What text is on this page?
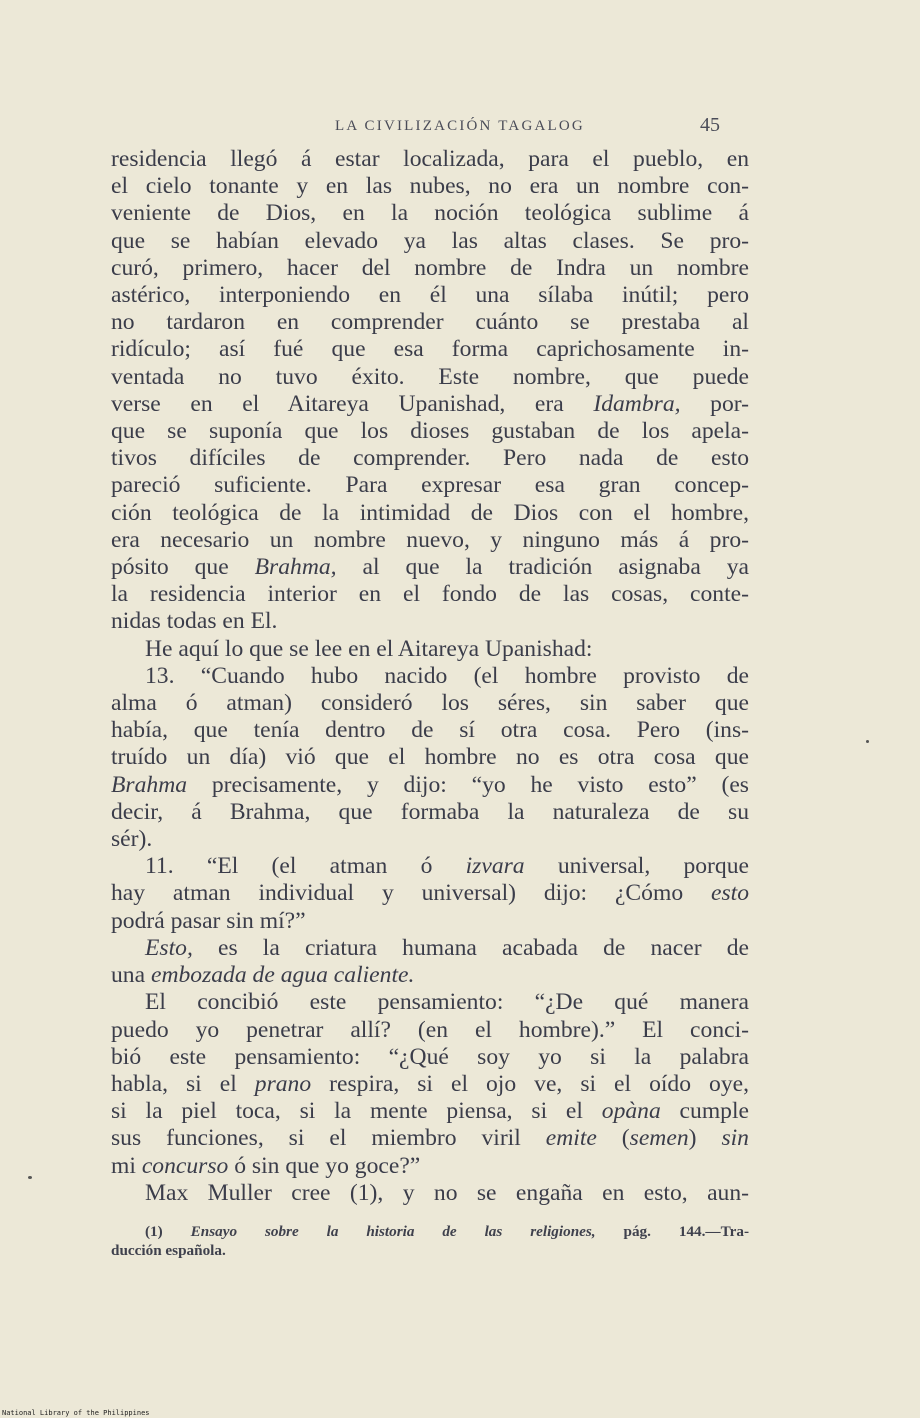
LA CIVILIZACIÓN TAGALOG	45
residencia llegó á estar localizada, para el pueblo, en
el cielo tonante y en las nubes, no era un nombre con-
veniente de Dios, en la noción teológica sublime á
que se habían elevado ya las altas clases. Se pro-
curó, primero, hacer del nombre de Indra un nombre
astérico, interponiendo en él una sílaba inútil; pero
no tardaron en comprender cuánto se prestaba al
ridículo; así fué que esa forma caprichosamente in-
ventada no tuvo éxito. Este nombre, que puede
verse en el Aitareya Upanishad, era Idambra, por-
que se suponía que los dioses gustaban de los apela-
tivos difíciles de comprender. Pero nada de esto
pareció suficiente. Para expresar esa gran concep-
ción teológica de la intimidad de Dios con el hombre,
era necesario un nombre nuevo, y ninguno más á pro-
pósito que Brahma, al que la tradición asignaba ya
la residencia interior en el fondo de las cosas, conte-
nidas todas en El.
He aquí lo que se lee en el Aitareya Upanishad:
13. “Cuando hubo nacido (el hombre provisto de
alma ó atman) consideró los séres, sin saber que
había, que tenía dentro de sí otra cosa. Pero (ins-
truído un día) vió que el hombre no es otra cosa que
Brahma precisamente, y dijo: “yo he visto esto” (es
decir, á Brahma, que formaba la naturaleza de su
sér).
11. “El (el atman ó izvara universal, porque
hay atman individual y universal) dijo: ¿Cómo esto
podrá pasar sin mí?”
Esto, es la criatura humana acabada de nacer de
una embozada de agua caliente.
El concibió este pensamiento: “¿De qué manera
puedo yo penetrar allí? (en el hombre).” El conci-
bió este pensamiento: “¿Qué soy yo si la palabra
habla, si el prano respira, si el ojo ve, si el oído oye,
si la piel toca, si la mente piensa, si el opàna cumple
sus funciones, si el miembro viril emite (semen) sin
mi concurso ó sin que yo goce?”
Max Muller cree (1), y no se engaña en esto, aun-
(1) Ensayo sobre la historia de las religiones, pág. 144.—Tra-
ducción española.
National Library of the Philippines
